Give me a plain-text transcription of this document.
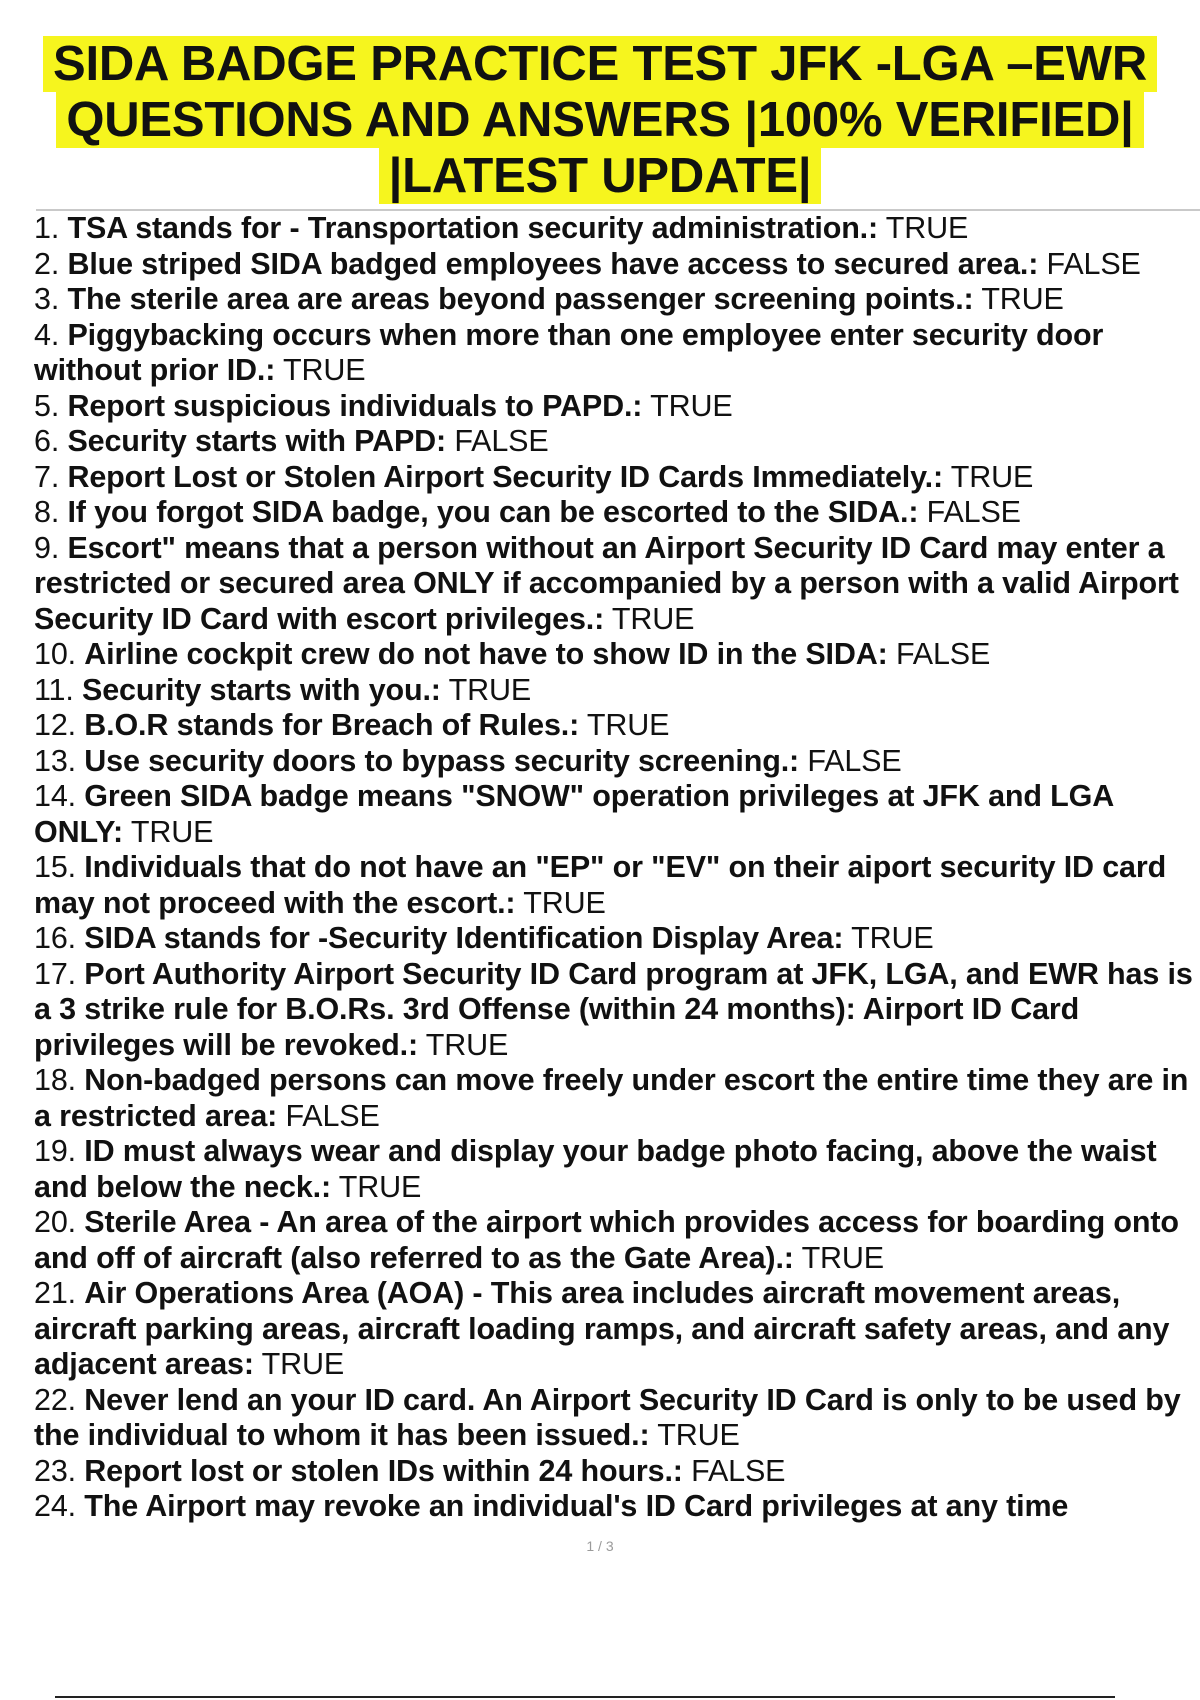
SIDA BADGE PRACTICE TEST JFK -LGA –EWR
QUESTIONS AND ANSWERS |100% VERIFIED|
|LATEST UPDATE|
1. TSA stands for - Transportation security administration.: TRUE
2. Blue striped SIDA badged employees have access to secured area.: FALSE
3. The sterile area are areas beyond passenger screening points.: TRUE
4. Piggybacking occurs when more than one employee enter security door without prior ID.: TRUE
5. Report suspicious individuals to PAPD.: TRUE
6. Security starts with PAPD: FALSE
7. Report Lost or Stolen Airport Security ID Cards Immediately.: TRUE
8. If you forgot SIDA badge, you can be escorted to the SIDA.: FALSE
9. Escort" means that a person without an Airport Security ID Card may enter a restricted or secured area ONLY if accompanied by a person with a valid Airport Security ID Card with escort privileges.: TRUE
10. Airline cockpit crew do not have to show ID in the SIDA: FALSE
11. Security starts with you.: TRUE
12. B.O.R stands for Breach of Rules.: TRUE
13. Use security doors to bypass security screening.: FALSE
14. Green SIDA badge means "SNOW" operation privileges at JFK and LGA ONLY: TRUE
15. Individuals that do not have an "EP" or "EV" on their aiport security ID card may not proceed with the escort.: TRUE
16. SIDA stands for -Security Identification Display Area: TRUE
17. Port Authority Airport Security ID Card program at JFK, LGA, and EWR has is a 3 strike rule for B.O.Rs. 3rd Offense (within 24 months): Airport ID Card privileges will be revoked.: TRUE
18. Non-badged persons can move freely under escort the entire time they are in a restricted area: FALSE
19. ID must always wear and display your badge photo facing, above the waist and below the neck.: TRUE
20. Sterile Area - An area of the airport which provides access for boarding onto and off of aircraft (also referred to as the Gate Area).: TRUE
21. Air Operations Area (AOA) - This area includes aircraft movement areas, aircraft parking areas, aircraft loading ramps, and aircraft safety areas, and any adjacent areas: TRUE
22. Never lend an your ID card. An Airport Security ID Card is only to be used by the individual to whom it has been issued.: TRUE
23. Report lost or stolen IDs within 24 hours.: FALSE
24. The Airport may revoke an individual's ID Card privileges at any time
1 / 3
